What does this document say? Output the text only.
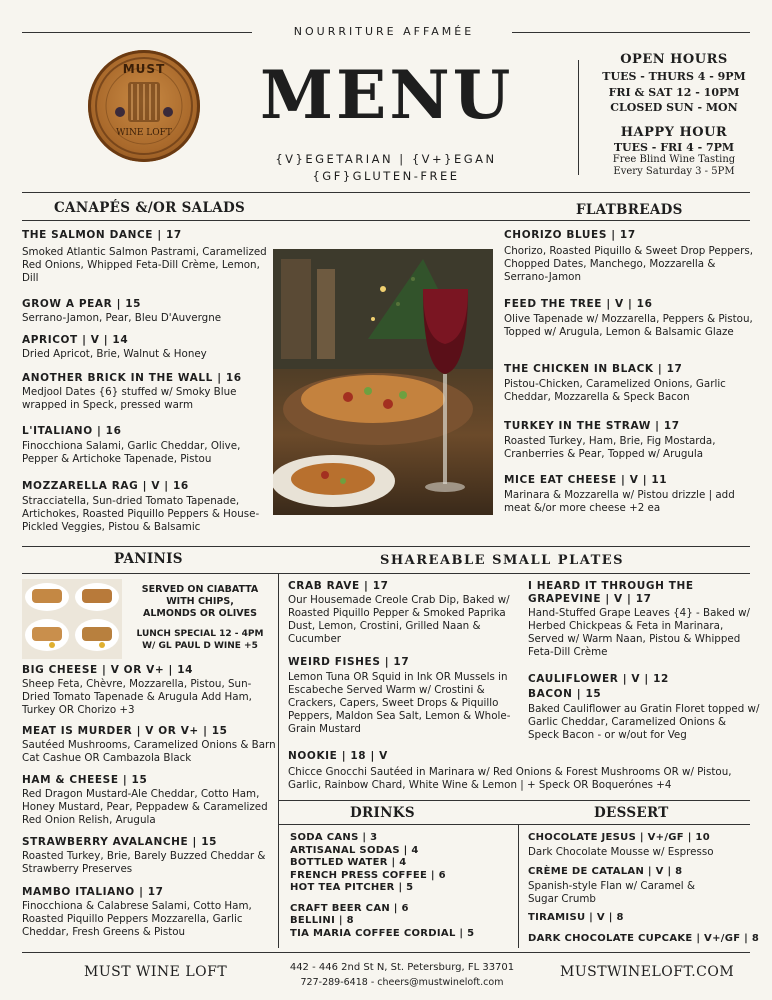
NOURRITURE AFFAMÉE
MUST
WINE LOFT	MENU
{V}EGETARIAN | {V+}EGAN
{GF}GLUTEN-FREE
OPEN HOURS
TUES - THURS 4 - 9PM
FRI & SAT 12 - 10PM
CLOSED SUN - MON
HAPPY HOUR
TUES - FRI 4 - 7PM
Free Blind Wine Tasting
Every Saturday 3 - 5PM
CANAPÉS &/OR SALADS	FLATBREADS
THE SALMON DANCE | 17
Smoked Atlantic Salmon Pastrami, Caramelized Red Onions, Whipped Feta-Dill Crème, Lemon, Dill
GROW A PEAR | 15
Serrano-Jamon, Pear, Bleu D'Auvergne
APRICOT | V | 14
Dried Apricot, Brie, Walnut & Honey
ANOTHER BRICK IN THE WALL | 16
Medjool Dates {6} stuffed w/ Smoky Blue wrapped in Speck, pressed warm
L'ITALIANO | 16
Finocchiona Salami, Garlic Cheddar, Olive, Pepper & Artichoke Tapenade, Pistou
MOZZARELLA RAG | V | 16
Stracciatella, Sun-dried Tomato Tapenade, Artichokes, Roasted Piquillo Peppers & House-Pickled Veggies, Pistou & Balsamic
CHORIZO BLUES | 17
Chorizo, Roasted Piquillo & Sweet Drop Peppers, Chopped Dates, Manchego, Mozzarella & Serrano-Jamon
FEED THE TREE | V | 16
Olive Tapenade w/ Mozzarella, Peppers & Pistou, Topped w/ Arugula, Lemon & Balsamic Glaze
THE CHICKEN IN BLACK | 17
Pistou-Chicken, Caramelized Onions, Garlic Cheddar, Mozzarella & Speck Bacon
TURKEY IN THE STRAW | 17
Roasted Turkey, Ham, Brie, Fig Mostarda, Cranberries & Pear, Topped w/ Arugula
MICE EAT CHEESE | V | 11
Marinara & Mozzarella w/ Pistou drizzle | add meat &/or more cheese +2 ea
PANINIS	SHAREABLE SMALL PLATES
SERVED ON CIABATTA
WITH CHIPS,
ALMONDS OR OLIVES
LUNCH SPECIAL 12 - 4PM
W/ GL PAUL D WINE +5
BIG CHEESE | V OR V+ | 14
Sheep Feta, Chèvre, Mozzarella, Pistou, Sun-Dried Tomato Tapenade & Arugula Add Ham, Turkey OR Chorizo +3
MEAT IS MURDER | V OR V+ | 15
Sautéed Mushrooms, Caramelized Onions & Barn Cat Cashue OR Cambazola Black
HAM & CHEESE | 15
Red Dragon Mustard-Ale Cheddar, Cotto Ham, Honey Mustard, Pear, Peppadew & Caramelized Red Onion Relish, Arugula
STRAWBERRY AVALANCHE | 15
Roasted Turkey, Brie, Barely Buzzed Cheddar & Strawberry Preserves
MAMBO ITALIANO | 17
Finocchiona & Calabrese Salami, Cotto Ham, Roasted Piquillo Peppers Mozzarella, Garlic Cheddar, Fresh Greens & Pistou
CRAB RAVE | 17
Our Housemade Creole Crab Dip, Baked w/ Roasted Piquillo Pepper & Smoked Paprika Dust, Lemon, Crostini, Grilled Naan & Cucumber
WEIRD FISHES | 17
Lemon Tuna OR Squid in Ink OR Mussels in Escabeche Served Warm w/ Crostini & Crackers, Capers, Sweet Drops & Piquillo Peppers, Maldon Sea Salt, Lemon & Whole-Grain Mustard
I HEARD IT THROUGH THE GRAPEVINE | V | 17
Hand-Stuffed Grape Leaves {4} - Baked w/ Herbed Chickpeas & Feta in Marinara, Served w/ Warm Naan, Pistou & Whipped Feta-Dill Crème
CAULIFLOWER | V | 12 BACON | 15
Baked Cauliflower au Gratin Floret topped w/ Garlic Cheddar, Caramelized Onions & Speck Bacon - or w/out for Veg
NOOKIE | 18 | V
Chicce Gnocchi Sautéed in Marinara w/ Red Onions & Forest Mushrooms OR w/ Pistou, Garlic, Rainbow Chard, White Wine & Lemon | + Speck OR Boquerónes +4
DRINKS	DESSERT
SODA CANS | 3
ARTISANAL SODAS | 4
BOTTLED WATER | 4
FRENCH PRESS COFFEE | 6
HOT TEA PITCHER | 5
CRAFT BEER CAN | 6
BELLINI | 8
TIA MARIA COFFEE CORDIAL | 5
CHOCOLATE JESUS | V+/GF | 10
Dark Chocolate Mousse w/ Espresso
CRÈME DE CATALAN | V | 8
Spanish-style Flan w/ Caramel & Sugar Crumb
TIRAMISU | V | 8
DARK CHOCOLATE CUPCAKE | V+/GF | 8
MUST WINE LOFT	442 - 446 2nd St N, St. Petersburg, FL 33701
727-289-6418 - cheers@mustwineloft.com
MUSTWINELOFT.COM
